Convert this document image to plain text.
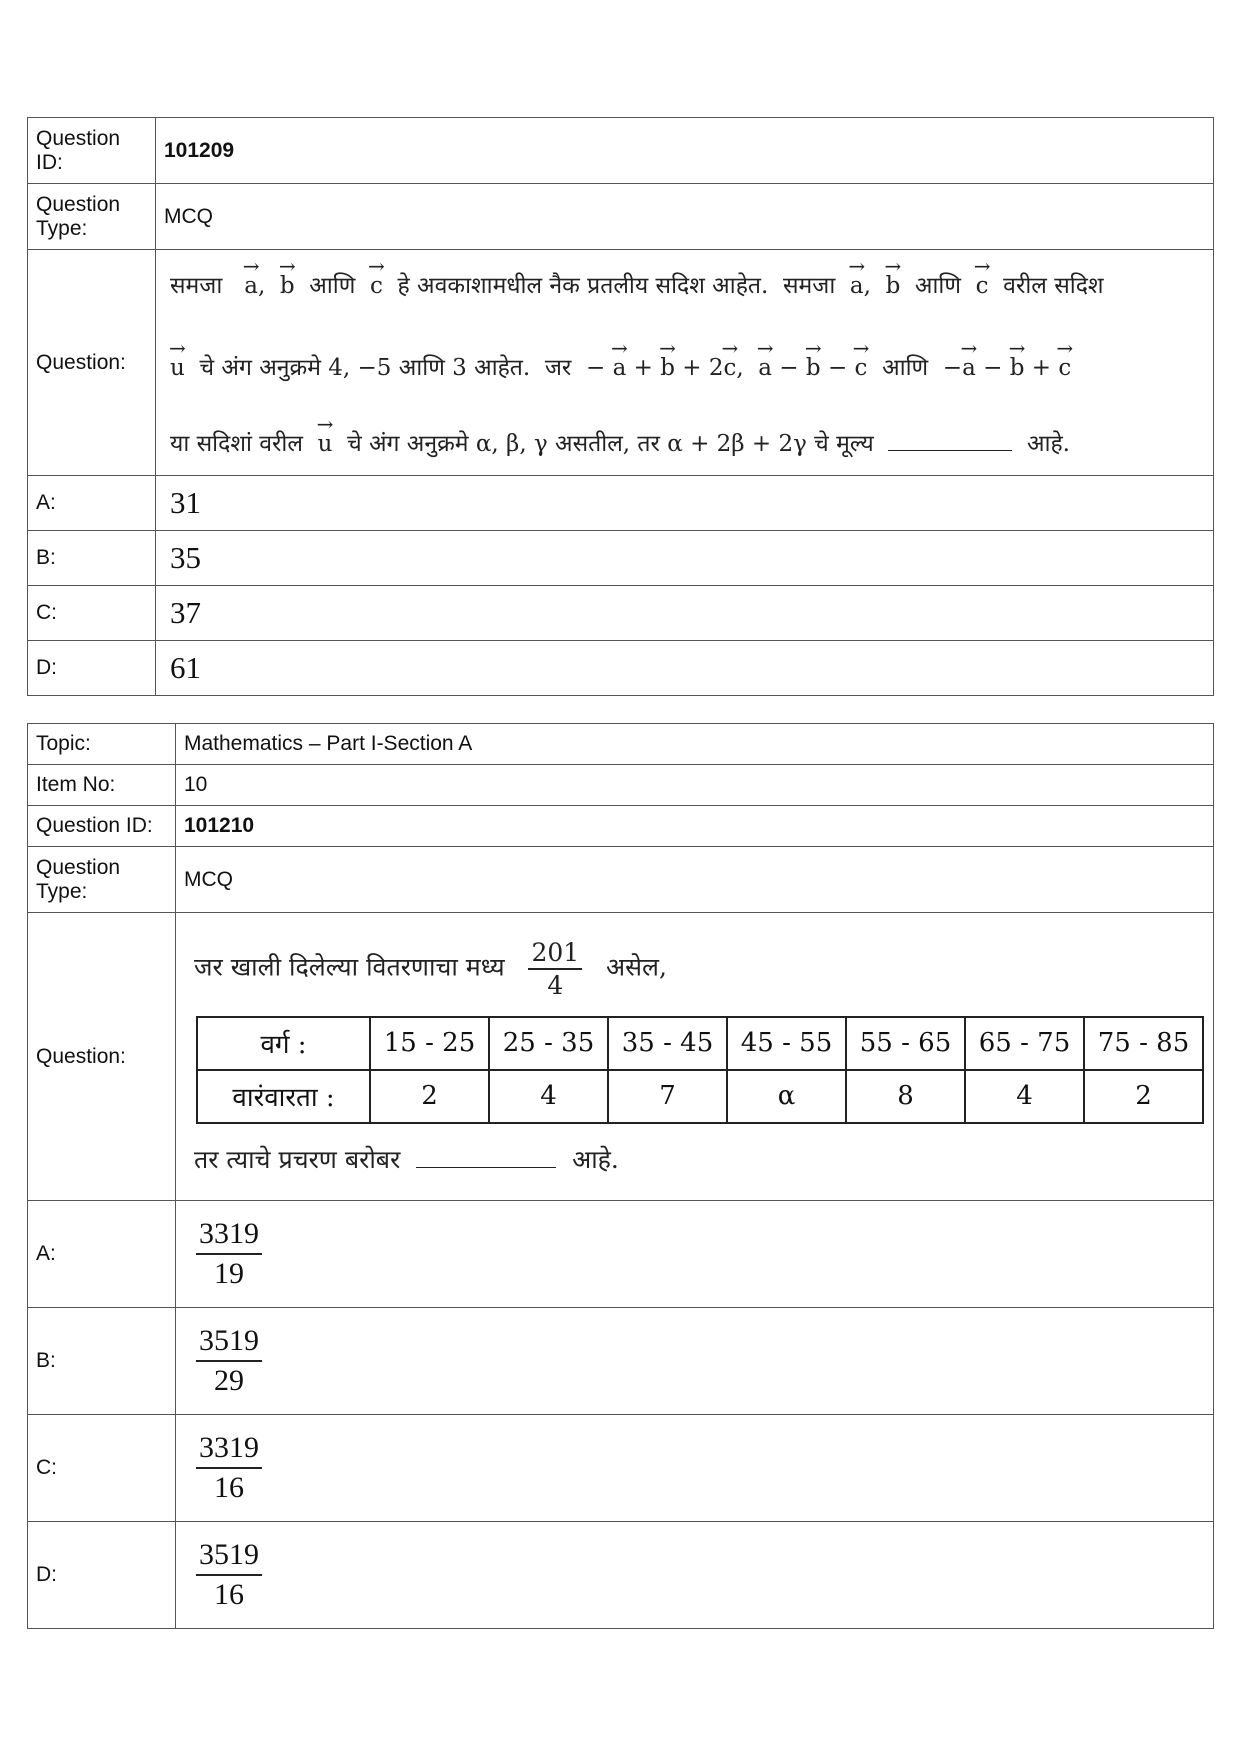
Question ID:	101209
Question Type:	MCQ
Question:	समजा → a, → b आणि → c हे अवकाशामधील नैक प्रतलीय सदिश आहेत. समजा → a, → b आणि → c वरील सदिश
→ u चे अंग अनुक्रमे 4, −5 आणि 3 आहेत. जर − → a + → b + 2→ c, → a − → b − → c आणि −→ a − → b + → c
या सदिशां वरील → u चे अंग अनुक्रमे α, β, γ असतील, तर α + 2β + 2γ चे मूल्य आहे.

A:	31
B:	35
C:	37
D:	61
Topic:	Mathematics – Part I-Section A
Item No:	10
Question ID:	101210
Question Type:	MCQ
Question:	
जर खाली दिलेल्या वितरणाचा मध्य $\frac{201}{4}$ असेल,
वर्ग :	15 - 25	25 - 35	35 - 45	45 - 55	55 - 65	65 - 75	75 - 85
वारंवारता :	2	4	7	α	8	4	2
तर त्याचे प्रचरण बरोबर	आहे.

A:	$\frac{3319}{19}$

B:	$\frac{3519}{29}$

C:	$\frac{3319}{16}$

D:	$\frac{3519}{16}$
